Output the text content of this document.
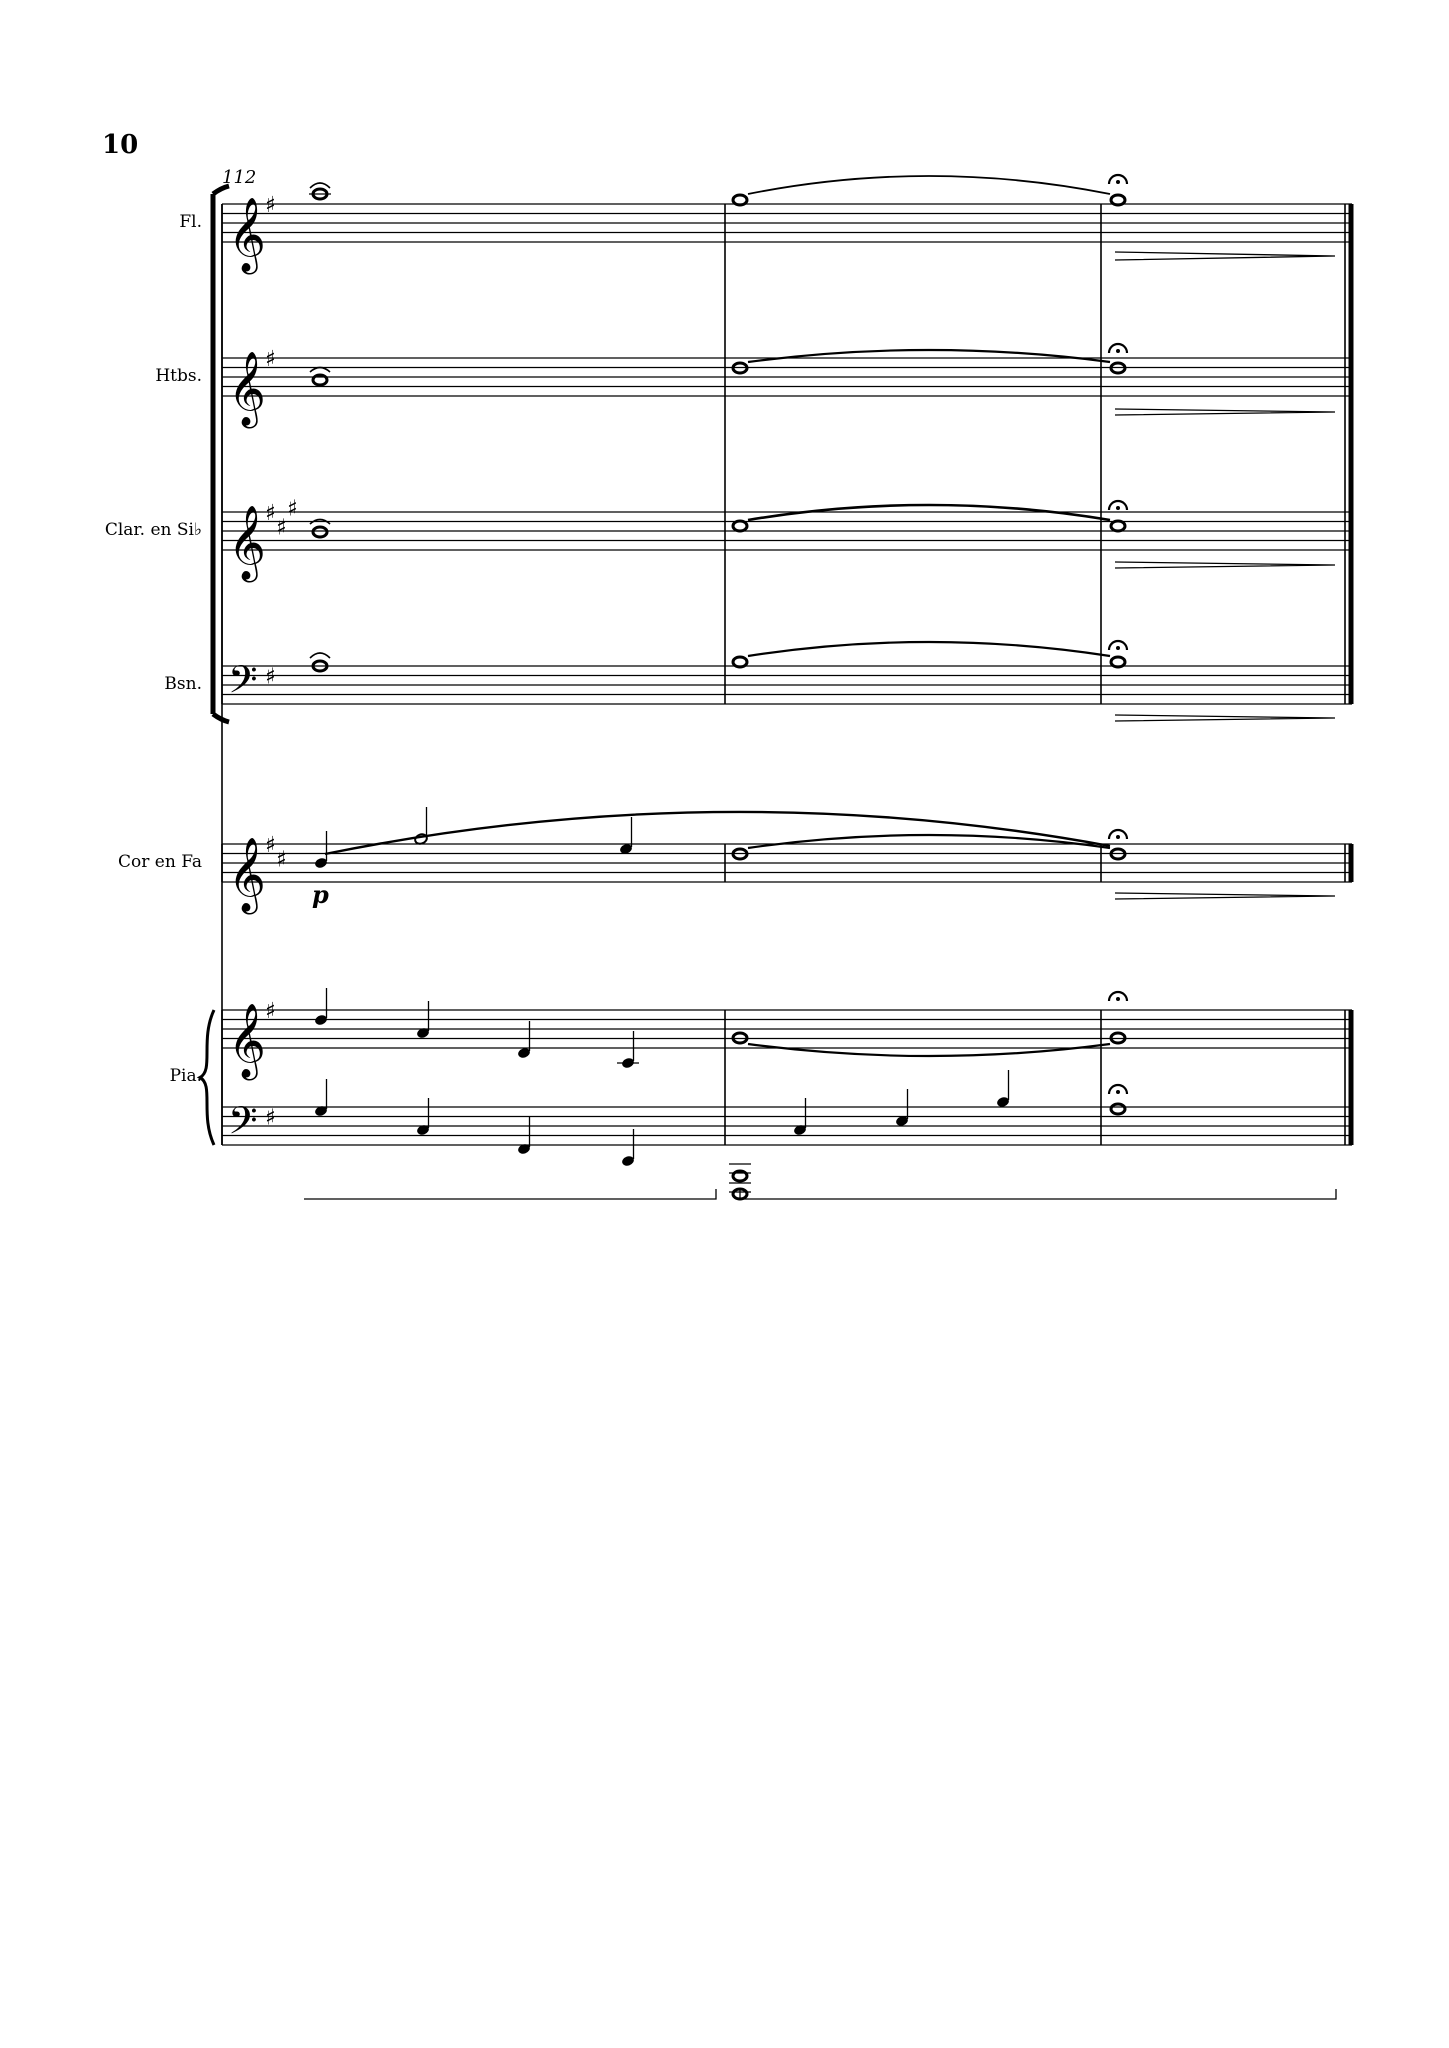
10
112
Fl.
Htbs.
Clar. en Si♭
Bsn.
Cor en Fa
Pia.
p
𝄞
𝄞
𝄞
𝄢
𝄞
𝄞
𝄢
♯
♯
♯
♯
♯
♯
♯
♯
♯
♯
